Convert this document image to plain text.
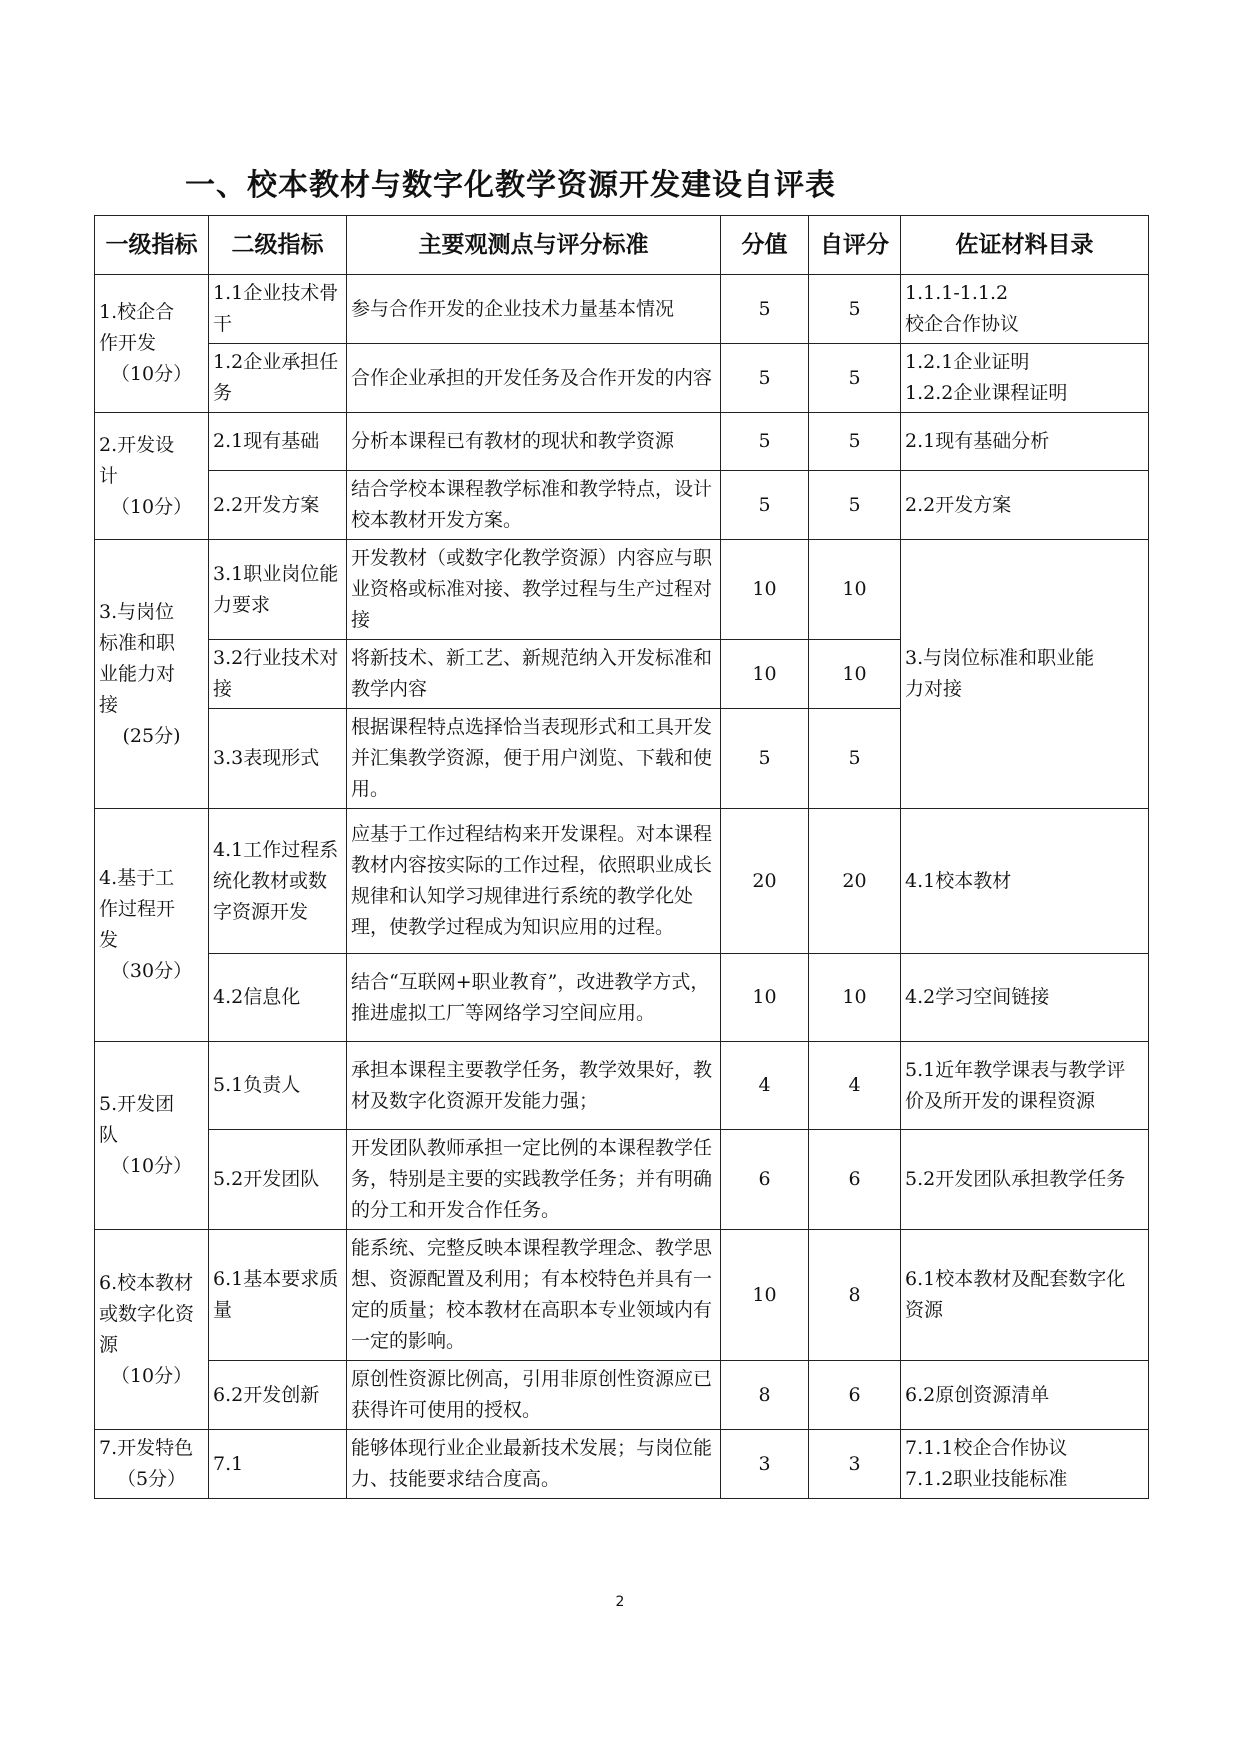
一、校本教材与数字化教学资源开发建设自评表
一级指标	二级指标	主要观测点与评分标准	分值	自评分	佐证材料目录
1.校企合
作开发

（10分）	1.1企业技术骨干	参与合作开发的企业技术力量基本情况	5	5	1.1.1-1.1.2
校企合作协议
	1.2企业承担任务	合作企业承担的开发任务及合作开发的内容	5	5	1.2.1企业证明
1.2.2企业课程证明
2.开发设
计

（10分）	2.1现有基础	分析本课程已有教材的现状和教学资源	5	5	2.1现有基础分析
	2.2开发方案	结合学校本课程教学标准和教学特点，设计校本教材开发方案。	5	5	2.2开发方案
3.与岗位
标准和职
业能力对
接

(25分)	3.1职业岗位能力要求	开发教材（或数字化教学资源）内容应与职业资格或标准对接、教学过程与生产过程对接	10	10	3.与岗位标准和职业能
力对接
	3.2行业技术对接	将新技术、新工艺、新规范纳入开发标准和教学内容	10	10	
	3.3表现形式	根据课程特点选择恰当表现形式和工具开发并汇集教学资源，便于用户浏览、下载和使用。	5	5	
4.基于工
作过程开
发

（30分）	4.1工作过程系统化教材或数字资源开发	应基于工作过程结构来开发课程。对本课程教材内容按实际的工作过程，依照职业成长规律和认知学习规律进行系统的教学化处理，使教学过程成为知识应用的过程。	20	20	4.1校本教材
	4.2信息化	结合“互联网+职业教育”，改进教学方式，推进虚拟工厂等网络学习空间应用。	10	10	4.2学习空间链接
5.开发团
队

（10分）	5.1负责人	承担本课程主要教学任务，教学效果好，教材及数字化资源开发能力强；	4	4	5.1近年教学课表与教学评价及所开发的课程资源
	5.2开发团队	开发团队教师承担一定比例的本课程教学任务，特别是主要的实践教学任务；并有明确的分工和开发合作任务。	6	6	5.2开发团队承担教学任务
6.校本教材
或数字化资
源

（10分）	6.1基本要求质量	能系统、完整反映本课程教学理念、教学思想、资源配置及利用；有本校特色并具有一定的质量；校本教材在高职本专业领域内有一定的影响。	10	8	6.1校本教材及配套数字化资源
	6.2开发创新	原创性资源比例高，引用非原创性资源应已获得许可使用的授权。	8	6	6.2原创资源清单
7.开发特色

（5分）	7.1	能够体现行业企业最新技术发展；与岗位能力、技能要求结合度高。	3	3	7.1.1校企合作协议
7.1.2职业技能标准
2
